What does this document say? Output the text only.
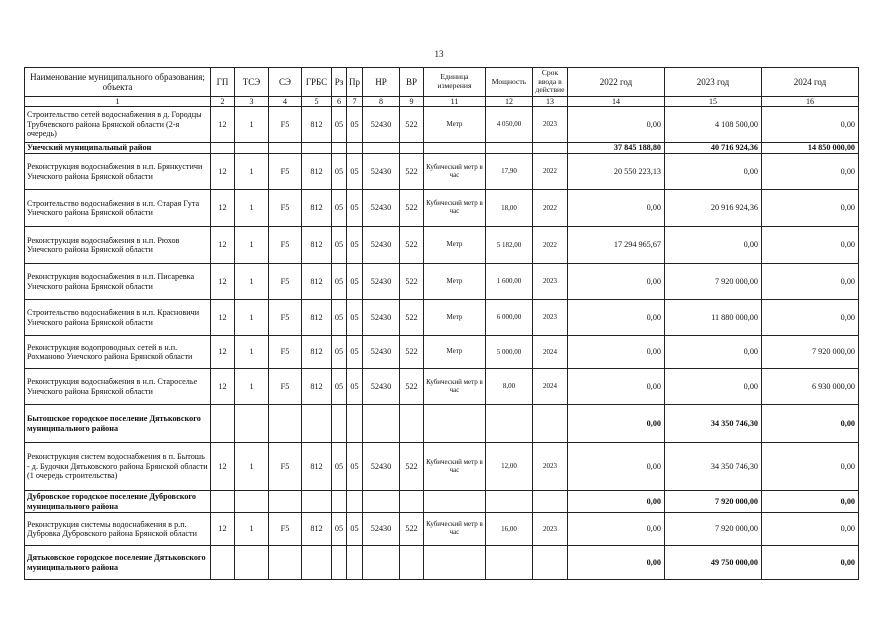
13
Наименование муниципального образования; объекта	ГП	ТСЭ	СЭ	ГРБС	Рз	Пр	НР	ВР	Единица измерения	Мощность	Срок ввода в действие	2022 год	2023 год	2024 год
1	2	3	4	5	6	7	8	9	11	12	13	14	15	16
Строительство сетей водоснабжения в д. Городцы Трубчевского района Брянской области (2-я очередь)	12	1	F5	812	05	05	52430	522	Метр	4 050,00	2023	0,00	4 108 500,00	0,00
Унечский муниципальный район												37 845 188,80	40 716 924,36	14 850 000,00
Реконструкция водоснабжения в н.п. Брянкустичи Унечского района Брянской области	12	1	F5	812	05	05	52430	522	Кубический метр в час	17,90	2022	20 550 223,13	0,00	0,00
Строительство водоснабжения в н.п. Старая Гута Унечского района Брянской области	12	1	F5	812	05	05	52430	522	Кубический метр в час	18,00	2022	0,00	20 916 924,36	0,00
Реконструкция водоснабжения в н.п. Рюхов Унечского района Брянской области	12	1	F5	812	05	05	52430	522	Метр	5 182,00	2022	17 294 965,67	0,00	0,00
Реконструкция водоснабжения в н.п. Писаревка Унечского района Брянской области	12	1	F5	812	05	05	52430	522	Метр	1 600,00	2023	0,00	7 920 000,00	0,00
Строительство водоснабжения в н.п. Красновичи Унечского района Брянской области	12	1	F5	812	05	05	52430	522	Метр	6 000,00	2023	0,00	11 880 000,00	0,00
Реконструкция водопроводных сетей в н.п. Рохманово Унечского района Брянской области	12	1	F5	812	05	05	52430	522	Метр	5 000,00	2024	0,00	0,00	7 920 000,00
Реконструкция водоснабжения в н.п. Староселье Унечского района Брянской области	12	1	F5	812	05	05	52430	522	Кубический метр в час	8,00	2024	0,00	0,00	6 930 000,00
Бытошское городское поселение Дятьковского муниципального района												0,00	34 350 746,30	0,00
Реконструкция систем водоснабжения в п. Бытошь - д. Будочки Дятьковского района Брянской области (1 очередь строительства)	12	1	F5	812	05	05	52430	522	Кубический метр в час	12,00	2023	0,00	34 350 746,30	0,00
Дубровское городское поселение Дубровского муниципального района												0,00	7 920 000,00	0,00
Реконструкция системы водоснабжения в р.п. Дубровка Дубровского района Брянской области	12	1	F5	812	05	05	52430	522	Кубический метр в час	16,00	2023	0,00	7 920 000,00	0,00
Дятьковское городское поселение Дятьковского муниципального района												0,00	49 750 000,00	0,00
